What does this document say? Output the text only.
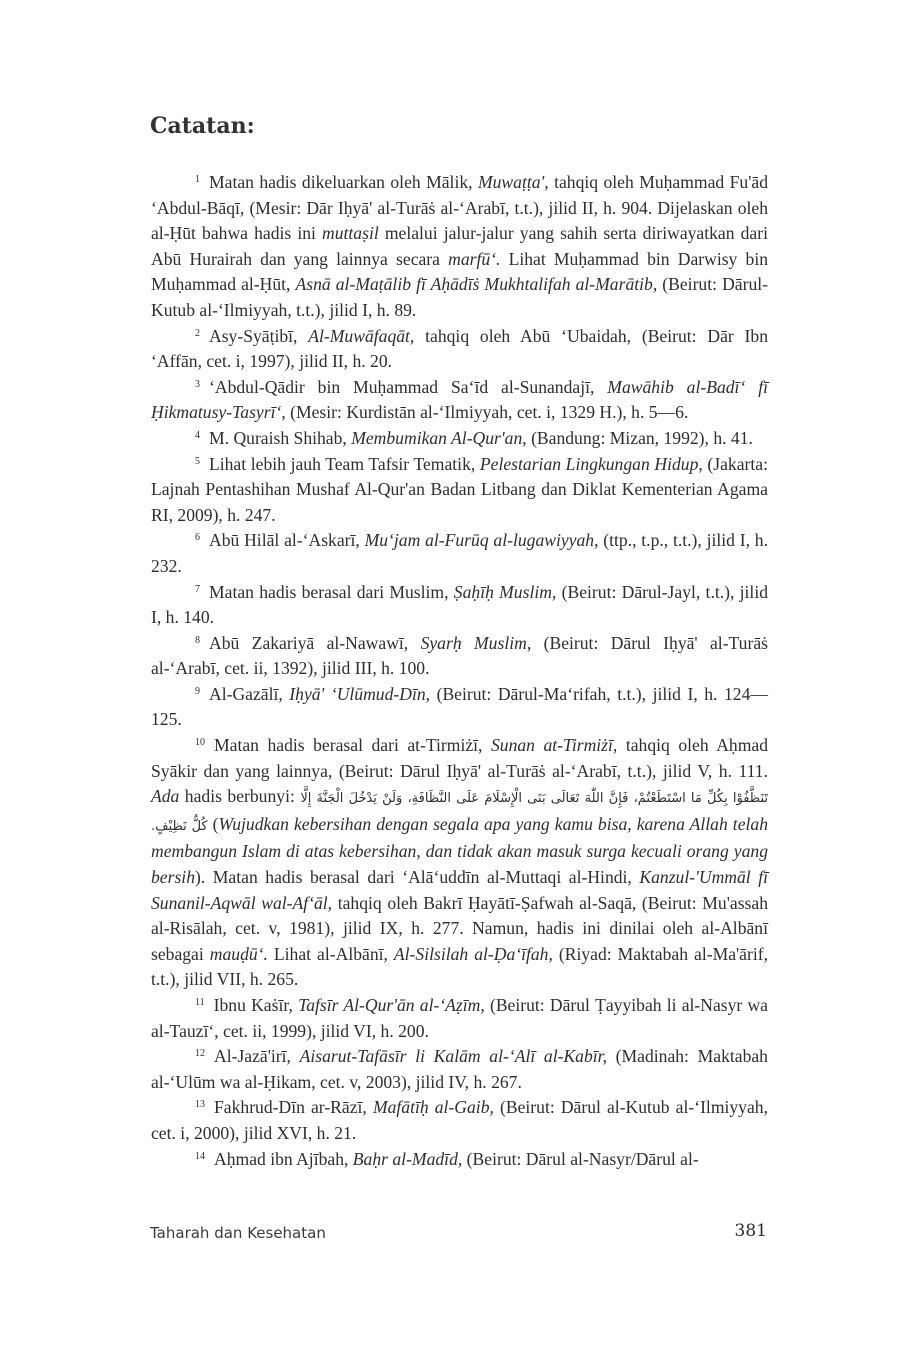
Catatan:

$^1$ Matan hadis dikeluarkan oleh Mālik, Muwaṭṭa', tahqiq oleh Muḥammad Fu'ād ‘Abdul-Bāqī, (Mesir: Dār Iḥyā' al-Turāṡ al-‘Arabī, t.t.), jilid II, h. 904. Dijelaskan oleh al-Ḥūt bahwa hadis ini muttaṣil melalui jalur-jalur yang sahih serta diriwayatkan dari Abū Hurairah dan yang lainnya secara marfū‘. Lihat Muḥammad bin Darwisy bin Muḥammad al-Ḥūt, Asnā al-Maṭālib fī Aḥādīṡ Mukhtalifah al-Marātib, (Beirut: Dārul-Kutub al-‘Ilmiyyah, t.t.), jilid I, h. 89.

$^2$ Asy-Syāṭibī, Al-Muwāfaqāt, tahqiq oleh Abū ‘Ubaidah, (Beirut: Dār Ibn ‘Affān, cet. i, 1997), jilid II, h. 20.

$^3$ ‘Abdul-Qādir bin Muḥammad Sa‘īd al-Sunandajī, Mawāhib al-Badī‘ fī Ḥikmatusy-Tasyrī‘, (Mesir: Kurdistān al-‘Ilmiyyah, cet. i, 1329 H.), h. 5—6.

$^4$ M. Quraish Shihab, Membumikan Al-Qur'an, (Bandung: Mizan, 1992), h. 41.

$^5$ Lihat lebih jauh Team Tafsir Tematik, Pelestarian Lingkungan Hidup, (Jakarta: Lajnah Pentashihan Mushaf Al-Qur'an Badan Litbang dan Diklat Kementerian Agama RI, 2009), h. 247.

$^6$ Abū Hilāl al-‘Askarī, Mu‘jam al-Furūq al-lugawiyyah, (ttp., t.p., t.t.), jilid I, h. 232.

$^7$ Matan hadis berasal dari Muslim, Ṣaḥīḥ Muslim, (Beirut: Dārul-Jayl, t.t.), jilid I, h. 140.

$^8$ Abū Zakariyā al-Nawawī, Syarḥ Muslim, (Beirut: Dārul Iḥyā' al-Turāṡ al-‘Arabī, cet. ii, 1392), jilid III, h. 100.

$^9$ Al-Gazālī, Iḥyā' ‘Ulūmud-Dīn, (Beirut: Dārul-Ma‘rifah, t.t.), jilid I, h. 124—125.

$^{10}$ Matan hadis berasal dari at-Tirmiżī, Sunan at-Tirmiżī, tahqiq oleh Aḥmad Syākir dan yang lainnya, (Beirut: Dārul Iḥyā' al-Turāṡ al-‘Arabī, t.t.), jilid V, h. 111. Ada hadis berbunyi: تَنَظَّفُوْا بِكُلِّ مَا اسْتَطَعْتُمْ، فَإِنَّ اللّٰهَ تَعَالَى بَنَى الْإِسْلَامَ عَلَى النَّظَافَةِ، وَلَنْ يَدْخُلَ الْجَنَّةَ إِلَّا كُلُّ نَظِيْفٍ. (Wujudkan kebersihan dengan segala apa yang kamu bisa, karena Allah telah membangun Islam di atas kebersihan, dan tidak akan masuk surga kecuali orang yang bersih). Matan hadis berasal dari ‘Alā‘uddīn al-Muttaqi al-Hindi, Kanzul-'Ummāl fī Sunanil-Aqwāl wal-Af‘āl, tahqiq oleh Bakrī Ḥayātī-Ṣafwah al-Saqā, (Beirut: Mu'assah al-Risālah, cet. v, 1981), jilid IX, h. 277. Namun, hadis ini dinilai oleh al-Albānī sebagai mauḍū‘. Lihat al-Albānī, Al-Silsilah al-Ḍa‘īfah, (Riyad: Maktabah al-Ma'ārif, t.t.), jilid VII, h. 265.

$^{11}$ Ibnu Kaṡīr, Tafsīr Al-Qur'ān al-‘Aẓīm, (Beirut: Dārul Ṭayyibah li al-Nasyr wa al-Tauzī‘, cet. ii, 1999), jilid VI, h. 200.

$^{12}$ Al-Jazā'irī, Aisarut-Tafāsīr li Kalām al-‘Alī al-Kabīr, (Madinah: Maktabah al-‘Ulūm wa al-Ḥikam, cet. v, 2003), jilid IV, h. 267.

$^{13}$ Fakhrud-Dīn ar-Rāzī, Mafātīḥ al-Gaib, (Beirut: Dārul al-Kutub al-‘Ilmiyyah, cet. i, 2000), jilid XVI, h. 21.

$^{14}$ Aḥmad ibn Ajībah, Baḥr al-Madīd, (Beirut: Dārul al-Nasyr/Dārul al-

Taharah dan Kesehatan	381
